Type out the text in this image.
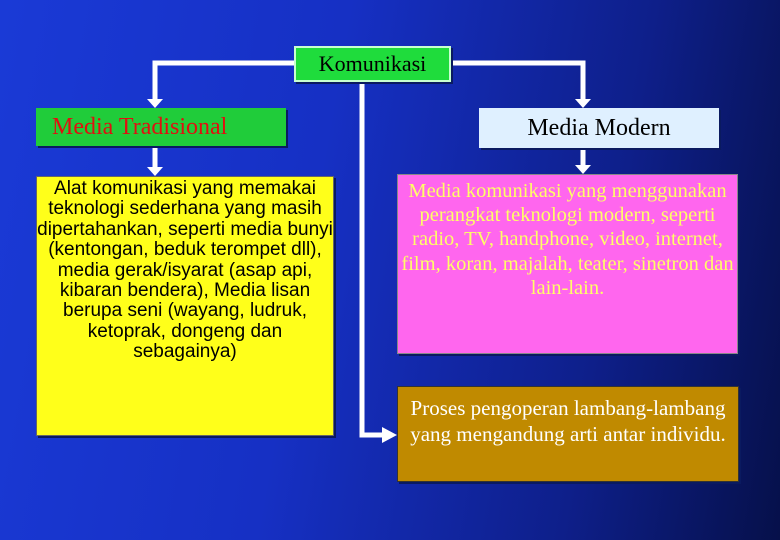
Komunikasi
Media Tradisional	Media Modern
Alat komunikasi yang memakai teknologi sederhana yang masih dipertahankan, seperti media bunyi (kentongan, beduk terompet dll), media gerak/isyarat (asap api, kibaran bendera), Media lisan berupa seni (wayang, ludruk, ketoprak, dongeng dan sebagainya)
Media komunikasi yang menggunakan perangkat teknologi modern, seperti radio, TV, handphone, video, internet, film, koran, majalah, teater, sinetron dan lain-lain.
Proses pengoperan lambang-lambang yang mengandung arti antar individu.
